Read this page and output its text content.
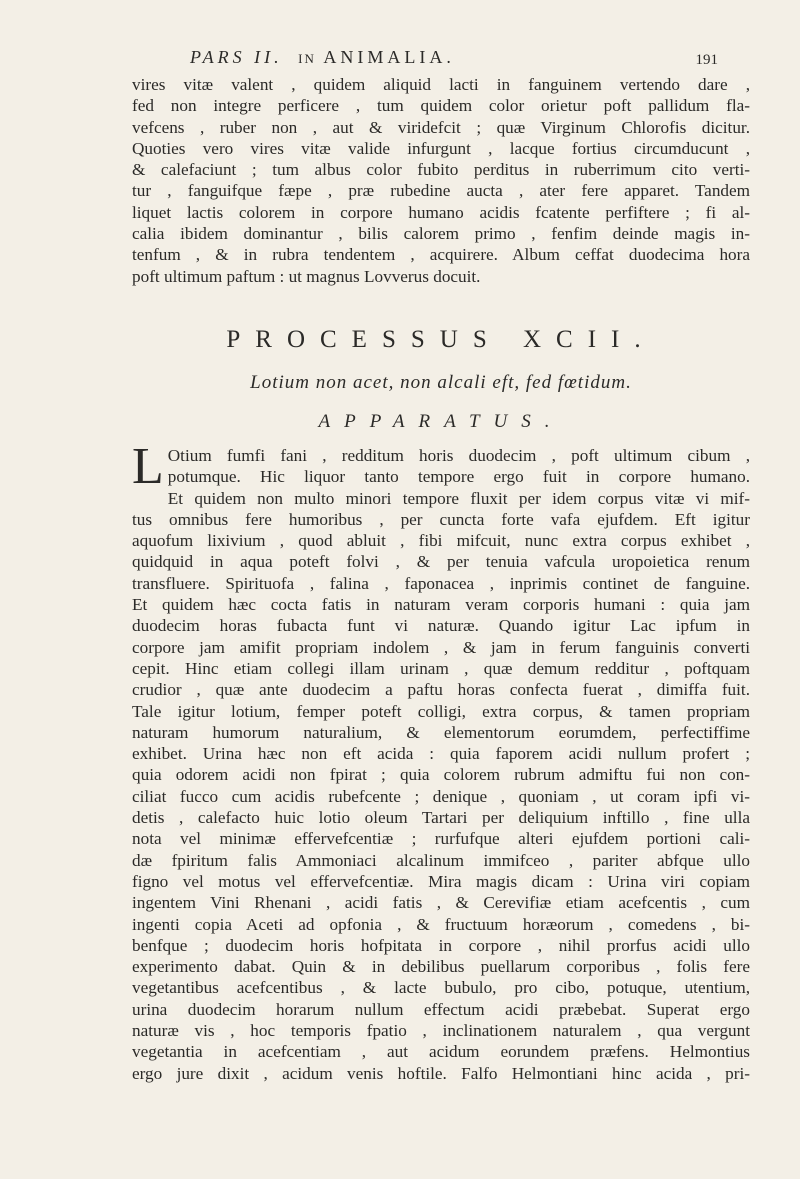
PARS II. IN ANIMALIA.	191
vires vitæ valent , quidem aliquid lacti in fanguinem vertendo dare ,
fed non integre perficere , tum quidem color orietur poft pallidum fla-
vefcens , ruber non , aut & viridefcit ; quæ Virginum Chlorofis dicitur.
Quoties vero vires vitæ valide infurgunt , lacque fortius circumducunt ,
& calefaciunt ; tum albus color fubito perditus in ruberrimum cito verti-
tur , fanguifque fæpe , præ rubedine aucta , ater fere apparet. Tandem
liquet lactis colorem in corpore humano acidis fcatente perfiftere ; fi al-
calia ibidem dominantur , bilis calorem primo , fenfim deinde magis in-
tenfum , & in rubra tendentem , acquirere. Album ceffat duodecima hora
poft ultimum paftum : ut magnus Lovverus docuit.
PROCESSUS XCII.
Lotium non acet, non alcali eft, fed fœtidum.
APPARATUS.
L Otium fumfi fani , redditum horis duodecim , poft ultimum cibum ,
potumque. Hic liquor tanto tempore ergo fuit in corpore humano.
Et quidem non multo minori tempore fluxit per idem corpus vitæ vi mif-
tus omnibus fere humoribus , per cuncta forte vafa ejufdem. Eft igitur
aquofum lixivium , quod abluit , fibi mifcuit, nunc extra corpus exhibet ,
quidquid in aqua poteft folvi , & per tenuia vafcula uropoietica renum
transfluere. Spirituofa , falina , faponacea , inprimis continet de fanguine.
Et quidem hæc cocta fatis in naturam veram corporis humani : quia jam
duodecim horas fubacta funt vi naturæ. Quando igitur Lac ipfum in
corpore jam amifit propriam indolem , & jam in ferum fanguinis converti
cepit. Hinc etiam collegi illam urinam , quæ demum redditur , poftquam
crudior , quæ ante duodecim a paftu horas confecta fuerat , dimiffa fuit.
Tale igitur lotium, femper poteft colligi, extra corpus, & tamen propriam
naturam humorum naturalium, & elementorum eorumdem, perfectiffime
exhibet. Urina hæc non eft acida : quia faporem acidi nullum profert ;
quia odorem acidi non fpirat ; quia colorem rubrum admiftu fui non con-
ciliat fucco cum acidis rubefcente ; denique , quoniam , ut coram ipfi vi-
detis , calefacto huic lotio oleum Tartari per deliquium inftillo , fine ulla
nota vel minimæ effervefcentiæ ; rurfufque alteri ejufdem portioni cali-
dæ fpiritum falis Ammoniaci alcalinum immifceo , pariter abfque ullo
figno vel motus vel effervefcentiæ. Mira magis dicam : Urina viri copiam
ingentem Vini Rhenani , acidi fatis , & Cerevifiæ etiam acefcentis , cum
ingenti copia Aceti ad opfonia , & fructuum horæorum , comedens , bi-
benfque ; duodecim horis hofpitata in corpore , nihil prorfus acidi ullo
experimento dabat. Quin & in debilibus puellarum corporibus , folis fere
vegetantibus acefcentibus , & lacte bubulo, pro cibo, potuque, utentium,
urina duodecim horarum nullum effectum acidi præbebat. Superat ergo
naturæ vis , hoc temporis fpatio , inclinationem naturalem , qua vergunt
vegetantia in acefcentiam , aut acidum eorundem præfens. Helmontius
ergo jure dixit , acidum venis hoftile. Falfo Helmontiani hinc acida , pri-
